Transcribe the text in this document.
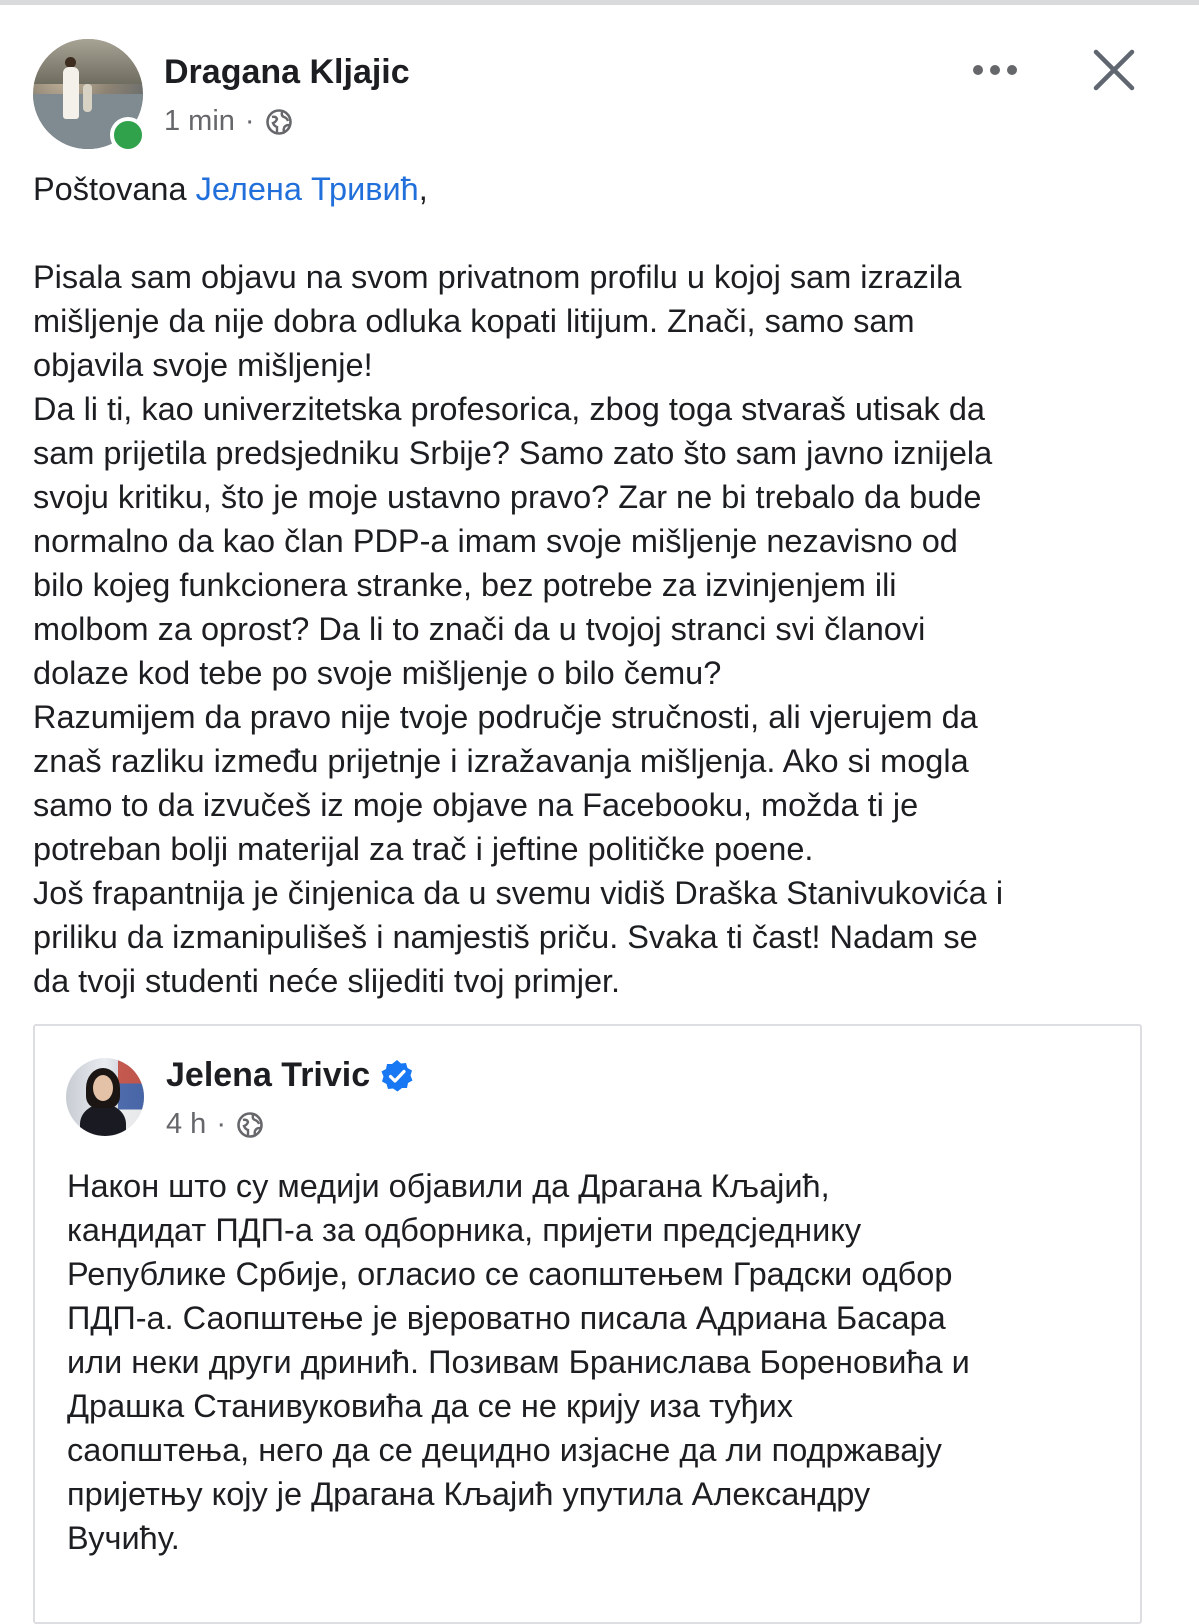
Dragana Kljajic
1 min ·

Poštovana Јелена Тривић,

Pisala sam objavu na svom privatnom profilu u kojoj sam izrazila
mišljenje da nije dobra odluka kopati litijum. Znači, samo sam
objavila svoje mišljenje!
Da li ti, kao univerzitetska profesorica, zbog toga stvaraš utisak da
sam prijetila predsjedniku Srbije? Samo zato što sam javno iznijela
svoju kritiku, što je moje ustavno pravo? Zar ne bi trebalo da bude
normalno da kao član PDP-a imam svoje mišljenje nezavisno od
bilo kojeg funkcionera stranke, bez potrebe za izvinjenjem ili
molbom za oprost? Da li to znači da u tvojoj stranci svi članovi
dolaze kod tebe po svoje mišljenje o bilo čemu?
Razumijem da pravo nije tvoje područje stručnosti, ali vjerujem da
znaš razliku između prijetnje i izražavanja mišljenja. Ako si mogla
samo to da izvučeš iz moje objave na Facebooku, možda ti je
potreban bolji materijal za trač i jeftine političke poene.
Još frapantnija je činjenica da u svemu vidiš Draška Stanivukovića i
priliku da izmanipulišeš i namjestiš priču. Svaka ti čast! Nadam se
da tvoji studenti neće slijediti tvoj primjer.

Jelena Trivic
4 h ·
Након што су медији објавили да Драгана Кљајић,
кандидат ПДП-а за одборника, пријети предсједнику
Републике Србије, огласио се саопштењем Градски одбор
ПДП-а. Саопштење је вјероватно писала Адриана Басара
или неки други дринић. Позивам Бранислава Бореновића и
Драшка Станивуковића да се не крију иза туђих
саопштења, него да се децидно изјасне да ли подржавају
пријетњу коју је Драгана Кљајић упутила Александру
Вучићу.
